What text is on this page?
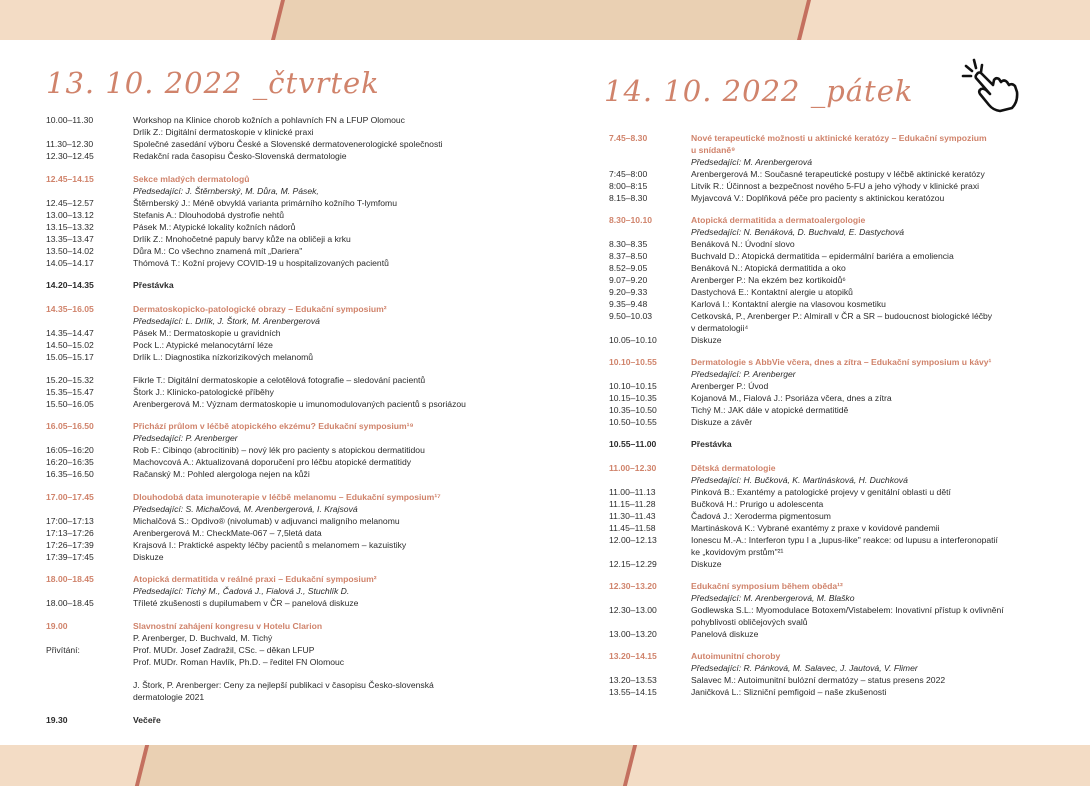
13. 10. 2022 _čtvrtek
10.00–11.30	Workshop na Klinice chorob kožních a pohlavních FN a LFUP Olomouc
Drlík Z.: Digitální dermatoskopie v klinické praxi
11.30–12.30	Společné zasedání výboru České a Slovenské dermatovenerologické společnosti
12.30–12.45	Redakční rada časopisu Česko-Slovenská dermatologie
12.45–14.15	Sekce mladých dermatologů
Předsedající: J. Štěrnberský, M. Důra, M. Pásek,
12.45–12.57	Štěrnberský J.: Méně obvyklá varianta primárního kožního T-lymfomu
13.00–13.12	Stefanis A.: Dlouhodobá dystrofie nehtů
13.15–13.32	Pásek M.: Atypické lokality kožních nádorů
13.35–13.47	Drlík Z.: Mnohočetné papuly barvy kůže na obličeji a krku
13.50–14.02	Důra M.: Co všechno znamená mít „Dariera"
14.05–14.17	Thómová T.: Kožní projevy COVID-19 u hospitalizovaných pacientů
14.20–14.35	Přestávka
14.35–16.05	Dermatoskopicko-patologické obrazy – Edukační symposium²
Předsedající: L. Drlík, J. Štork, M. Arenbergerová
14.35–14.47	Pásek M.: Dermatoskopie u gravidních
14.50–15.02	Pock L.: Atypické melanocytární léze
15.05–15.17	Drlík L.: Diagnostika nízkorizikových melanomů
15.20–15.32	Fikrle T.: Digitální dermatoskopie a celotělová fotografie – sledování pacientů
15.35–15.47	Štork J.: Klinicko-patologické příběhy
15.50–16.05	Arenbergerová M.: Význam dermatoskopie u imunomodulovaných pacientů s psoriázou
16.05–16.50	Přichází průlom v léčbě atopického ekzému? Edukační symposium¹⁹
Předsedající: P. Arenberger
16:05–16:20	Rob F.: Cibinqo (abrocitinib) – nový lék pro pacienty s atopickou dermatitidou
16:20–16:35	Machovcová A.: Aktualizovaná doporučení pro léčbu atopické dermatitidy
16.35–16.50	Račanský M.: Pohled alergologa nejen na kůži
17.00–17.45	Dlouhodobá data imunoterapie v léčbě melanomu – Edukační symposium¹⁷
Předsedající: S. Michalčová, M. Arenbergerová, I. Krajsová
17:00–17:13	Michalčová S.: Opdivo® (nivolumab) v adjuvanci maligního melanomu
17:13–17:26	Arenbergerová M.: CheckMate-067 – 7,5letá data
17:26–17:39	Krajsová I.: Praktické aspekty léčby pacientů s melanomem – kazuistiky
17:39–17:45	Diskuze
18.00–18.45	Atopická dermatitida v reálné praxi – Edukační symposium²
Předsedající: Tichý M., Čadová J., Fialová J., Stuchlík D.
18.00–18.45	Tříleté zkušenosti s dupilumabem v ČR – panelová diskuze
19.00	Slavnostní zahájení kongresu v Hotelu Clarion
P. Arenberger, D. Buchvald, M. Tichý
Přivítání:	Prof. MUDr. Josef Zadražil, CSc. – děkan LFUP
Prof. MUDr. Roman Havlík, Ph.D. – ředitel FN Olomouc
J. Štork, P. Arenberger: Ceny za nejlepší publikaci v časopisu Česko-slovenská
dermatologie 2021
19.30	Večeře
14. 10. 2022 _pátek
7.45–8.30	Nové terapeutické možnosti u aktinické keratózy – Edukační sympozium
u snídaně⁹
Předsedající: M. Arenbergerová
7:45–8:00	Arenbergerová M.: Současné terapeutické postupy v léčbě aktinické keratózy
8:00–8:15	Litvik R.: Účinnost a bezpečnost nového 5-FU a jeho výhody v klinické praxi
8.15–8.30	Myjavcová V.: Doplňková péče pro pacienty s aktinickou keratózou
8.30–10.10	Atopická dermatitida a dermatoalergologie
Předsedající: N. Benáková, D. Buchvald, E. Dastychová
8.30–8.35	Benáková N.: Úvodní slovo
8.37–8.50	Buchvald D.: Atopická dermatitida – epidermální bariéra a emoliencia
8.52–9.05	Benáková N.: Atopická dermatitida a oko
9.07–9.20	Arenberger P.: Na ekzém bez kortikoidů⁶
9.20–9.33	Dastychová E.: Kontaktní alergie u atopiků
9.35–9.48	Karlová I.: Kontaktní alergie na vlasovou kosmetiku
9.50–10.03	Cetkovská, P., Arenberger P.: Almirall v ČR a SR – budoucnost biologické léčby
v dermatologii⁴
10.05–10.10	Diskuze
10.10–10.55	Dermatologie s AbbVie včera, dnes a zítra – Edukační symposium u kávy¹
Předsedající: P. Arenberger
10.10–10.15	Arenberger P.: Úvod
10.15–10.35	Kojanová M., Fialová J.: Psoriáza včera, dnes a zítra
10.35–10.50	Tichý M.: JAK dále v atopické dermatitidě
10.50–10.55	Diskuze a závěr
10.55–11.00	Přestávka
11.00–12.30	Dětská dermatologie
Předsedající: H. Bučková, K. Martinásková, H. Duchková
11.00–11.13	Pinková B.: Exantémy a patologické projevy v genitální oblasti u dětí
11.15–11.28	Bučková H.: Prurigo u adolescenta
11.30–11.43	Čadová J.: Xeroderma pigmentosum
11.45–11.58	Martinásková K.: Vybrané exantémy z praxe v kovidové pandemii
12.00–12.13	Ionescu M.-A.: Interferon typu I a „lupus-like" reakce: od lupusu a interferonopatií
ke „kovidovým prstům"²¹
12.15–12.29	Diskuze
12.30–13.20	Edukační symposium během oběda¹²
Předsedající: M. Arenbergerová, M. Blaško
12.30–13.00	Godlewska S.L.: Myomodulace Botoxem/Vistabelem: Inovativní přístup k ovlivnění
pohyblivosti obličejových svalů
13.00–13.20	Panelová diskuze
13.20–14.15	Autoimunitní choroby
Předsedající: R. Pánková, M. Salavec, J. Jautová, V. Flimer
13.20–13.53	Salavec M.: Autoimunitní bulózní dermatózy – status presens 2022
13.55–14.15	Janičková L.: Slizniční pemfigoid – naše zkušenosti
